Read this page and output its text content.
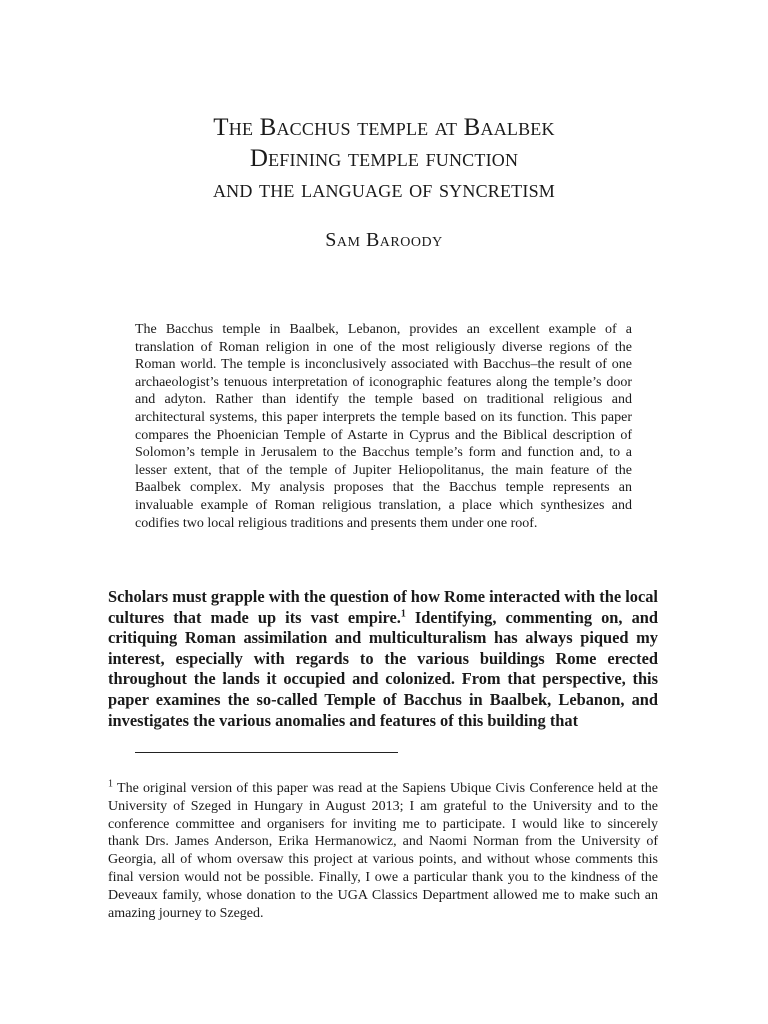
The Bacchus temple at Baalbek
Defining temple function
and the language of syncretism
Sam Baroody

The Bacchus temple in Baalbek, Lebanon, provides an excellent example of a translation of Roman religion in one of the most religiously diverse regions of the Roman world. The temple is inconclusively associated with Bacchus–the result of one archaeologist’s tenuous interpretation of iconographic features along the temple’s door and adyton. Rather than identify the temple based on traditional religious and architectural systems, this paper interprets the temple based on its function. This paper compares the Phoenician Temple of Astarte in Cyprus and the Biblical description of Solomon’s temple in Jerusalem to the Bacchus temple’s form and function and, to a lesser extent, that of the temple of Jupiter Heliopolitanus, the main feature of the Baalbek complex. My analysis proposes that the Bacchus temple represents an invaluable example of Roman religious translation, a place which synthesizes and codifies two local religious traditions and presents them under one roof.

Scholars must grapple with the question of how Rome interacted with the local cultures that made up its vast empire.$^1$ Identifying, commenting on, and critiquing Roman assimilation and multiculturalism has always piqued my interest, especially with regards to the various buildings Rome erected throughout the lands it occupied and colonized. From that perspective, this paper examines the so-called Temple of Bacchus in Baalbek, Lebanon, and investigates the various anomalies and features of this building that

$^1$ The original version of this paper was read at the Sapiens Ubique Civis Conference held at the University of Szeged in Hungary in August 2013; I am grateful to the University and to the conference committee and organisers for inviting me to participate. I would like to sincerely thank Drs. James Anderson, Erika Hermanowicz, and Naomi Norman from the University of Georgia, all of whom oversaw this project at various points, and without whose comments this final version would not be possible. Finally, I owe a particular thank you to the kindness of the Deveaux family, whose donation to the UGA Classics Department allowed me to make such an amazing journey to Szeged.
